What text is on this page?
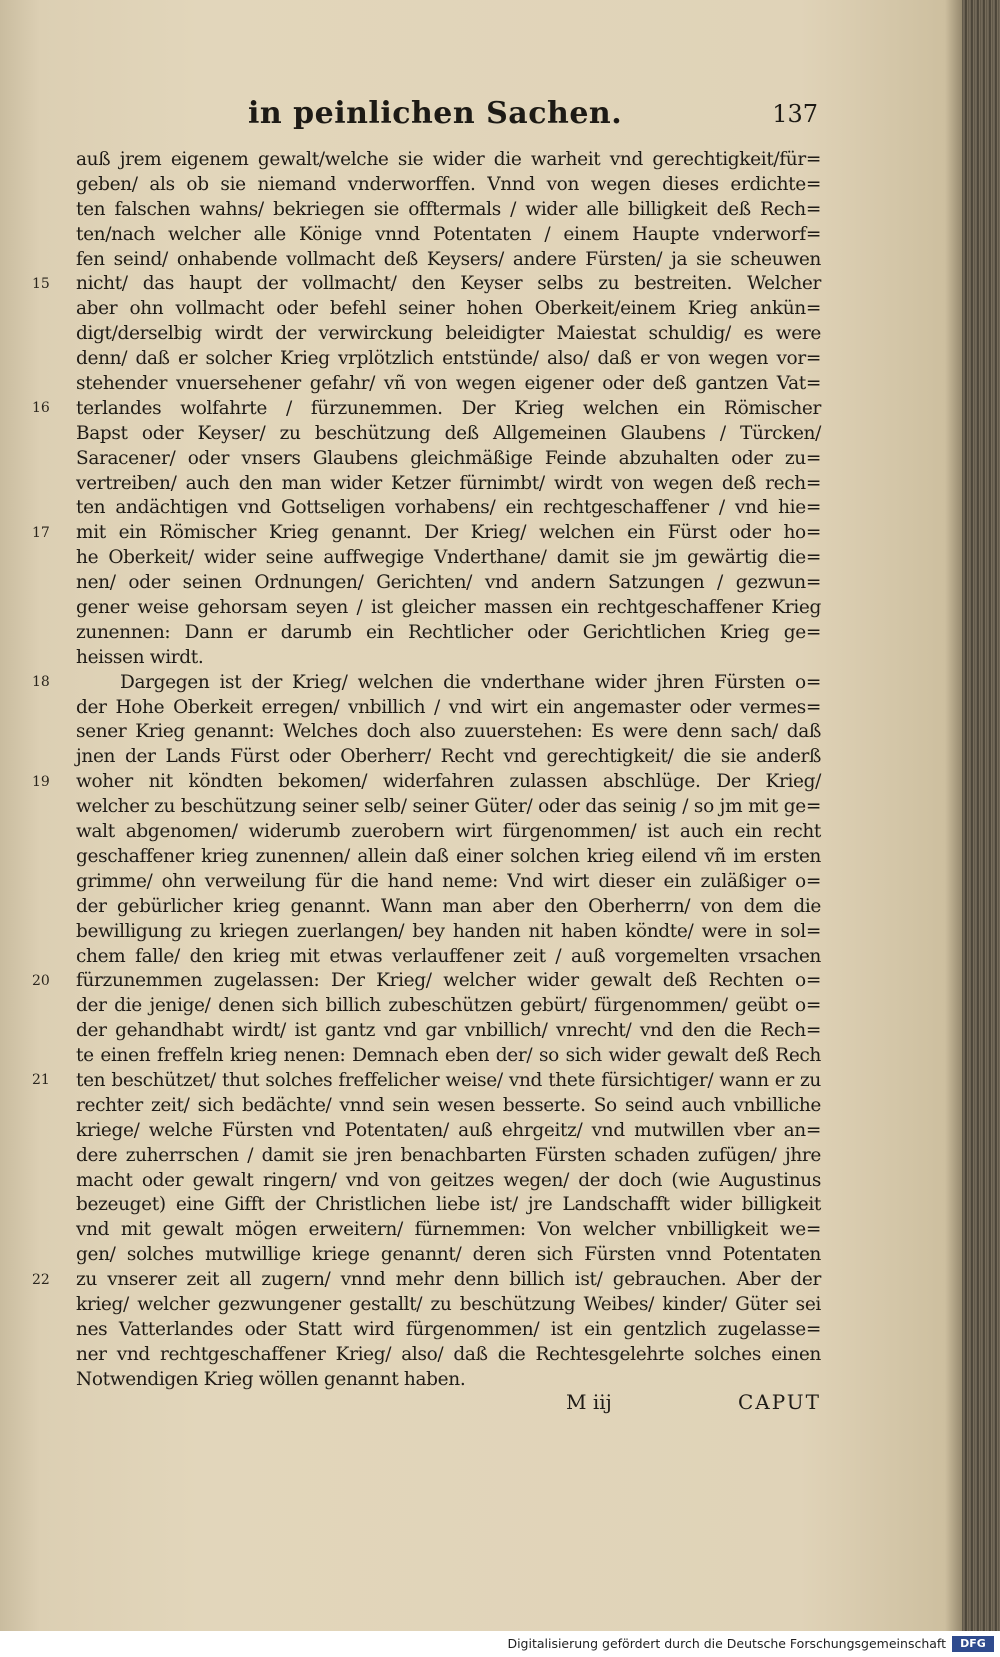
in peinlichen Sachen.	137
15
16
17
18
19
20
21
22
auß jrem eigenem gewalt/welche sie wider die warheit vnd gerechtigkeit/für=
geben/ als ob sie niemand vnderworffen. Vnnd von wegen dieses erdichte=
ten falschen wahns/ bekriegen sie offtermals / wider alle billigkeit deß Rech=
ten/nach welcher alle Könige vnnd Potentaten / einem Haupte vnderworf=
fen seind/ onhabende vollmacht deß Keysers/ andere Fürsten/ ja sie scheuwen
nicht/ das haupt der vollmacht/ den Keyser selbs zu bestreiten. Welcher
aber ohn vollmacht oder befehl seiner hohen Oberkeit/einem Krieg ankün=
digt/derselbig wirdt der verwirckung beleidigter Maiestat schuldig/ es were
denn/ daß er solcher Krieg vrplötzlich entstünde/ also/ daß er von wegen vor=
stehender vnuersehener gefahr/ vñ von wegen eigener oder deß gantzen Vat=
terlandes wolfahrte / fürzunemmen. Der Krieg welchen ein Römischer
Bapst oder Keyser/ zu beschützung deß Allgemeinen Glaubens / Türcken/
Saracener/ oder vnsers Glaubens gleichmäßige Feinde abzuhalten oder zu=
vertreiben/ auch den man wider Ketzer fürnimbt/ wirdt von wegen deß rech=
ten andächtigen vnd Gottseligen vorhabens/ ein rechtgeschaffener / vnd hie=
mit ein Römischer Krieg genannt. Der Krieg/ welchen ein Fürst oder ho=
he Oberkeit/ wider seine auffwegige Vnderthane/ damit sie jm gewärtig die=
nen/ oder seinen Ordnungen/ Gerichten/ vnd andern Satzungen / gezwun=
gener weise gehorsam seyen / ist gleicher massen ein rechtgeschaffener Krieg
zunennen: Dann er darumb ein Rechtlicher oder Gerichtlichen Krieg ge=
heissen wirdt.
Dargegen ist der Krieg/ welchen die vnderthane wider jhren Fürsten o=
der Hohe Oberkeit erregen/ vnbillich / vnd wirt ein angemaster oder vermes=
sener Krieg genannt: Welches doch also zuuerstehen: Es were denn sach/ daß
jnen der Lands Fürst oder Oberherr/ Recht vnd gerechtigkeit/ die sie anderß
woher nit köndten bekomen/ widerfahren zulassen abschlüge. Der Krieg/
welcher zu beschützung seiner selb/ seiner Güter/ oder das seinig / so jm mit ge=
walt abgenomen/ widerumb zuerobern wirt fürgenommen/ ist auch ein recht
geschaffener krieg zunennen/ allein daß einer solchen krieg eilend vñ im ersten
grimme/ ohn verweilung für die hand neme: Vnd wirt dieser ein zuläßiger o=
der gebürlicher krieg genannt. Wann man aber den Oberherrn/ von dem die
bewilligung zu kriegen zuerlangen/ bey handen nit haben köndte/ were in sol=
chem falle/ den krieg mit etwas verlauffener zeit / auß vorgemelten vrsachen
fürzunemmen zugelassen: Der Krieg/ welcher wider gewalt deß Rechten o=
der die jenige/ denen sich billich zubeschützen gebürt/ fürgenommen/ geübt o=
der gehandhabt wirdt/ ist gantz vnd gar vnbillich/ vnrecht/ vnd den die Rech=
te einen freffeln krieg nenen: Demnach eben der/ so sich wider gewalt deß Rech
ten beschützet/ thut solches freffelicher weise/ vnd thete fürsichtiger/ wann er zu
rechter zeit/ sich bedächte/ vnnd sein wesen besserte. So seind auch vnbilliche
kriege/ welche Fürsten vnd Potentaten/ auß ehrgeitz/ vnd mutwillen vber an=
dere zuherrschen / damit sie jren benachbarten Fürsten schaden zufügen/ jhre
macht oder gewalt ringern/ vnd von geitzes wegen/ der doch (wie Augustinus
bezeuget) eine Gifft der Christlichen liebe ist/ jre Landschafft wider billigkeit
vnd mit gewalt mögen erweitern/ fürnemmen: Von welcher vnbilligkeit we=
gen/ solches mutwillige kriege genannt/ deren sich Fürsten vnnd Potentaten
zu vnserer zeit all zugern/ vnnd mehr denn billich ist/ gebrauchen. Aber der
krieg/ welcher gezwungener gestallt/ zu beschützung Weibes/ kinder/ Güter sei
nes Vatterlandes oder Statt wird fürgenommen/ ist ein gentzlich zugelasse=
ner vnd rechtgeschaffener Krieg/ also/ daß die Rechtesgelehrte solches einen
Notwendigen Krieg wöllen genannt haben.
M iij	CAPUT
Digitalisierung gefördert durch die Deutsche Forschungsgemeinschaft	DFG
